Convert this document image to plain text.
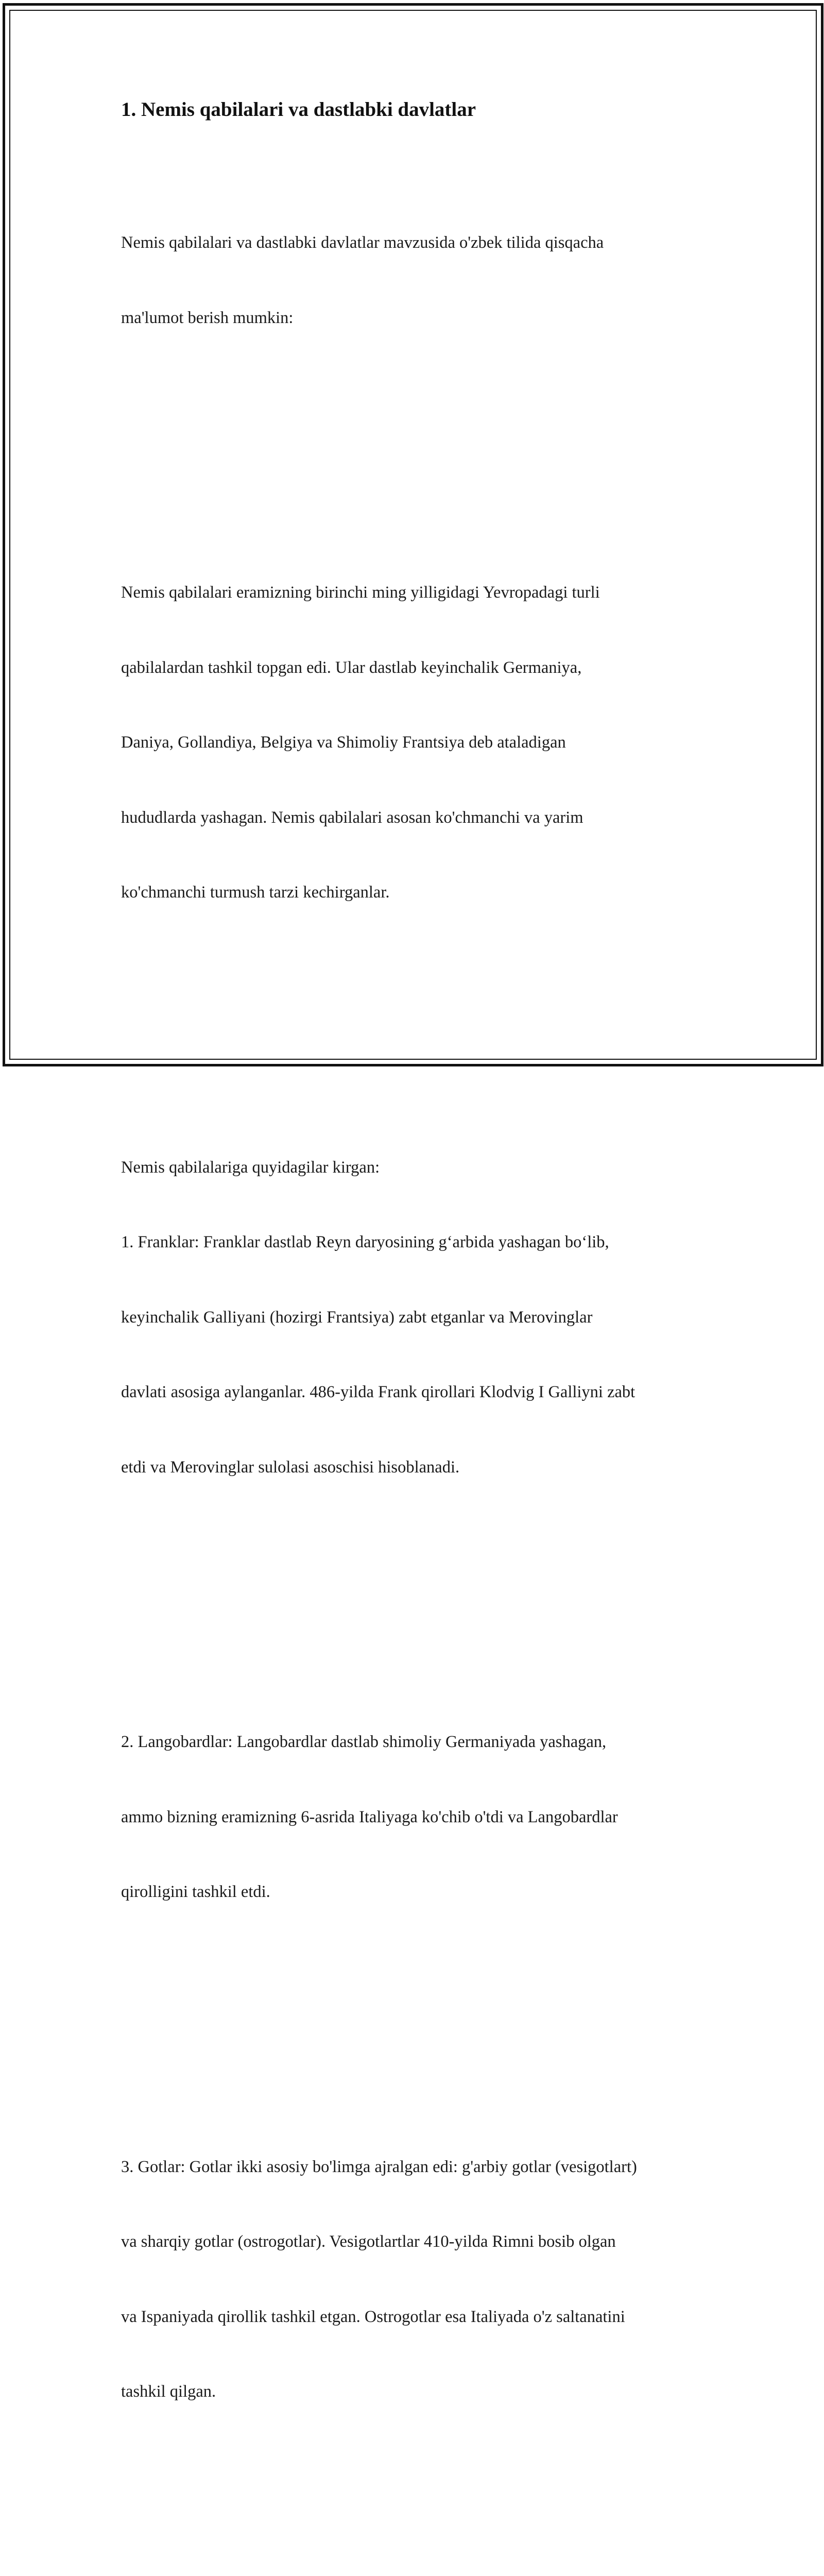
1. Nemis qabilalari va dastlabki davlatlar

Nemis qabilalari va dastlabki davlatlar mavzusida o'zbek tilida qisqacha

ma'lumot berish mumkin:

Nemis qabilalari eramizning birinchi ming yilligidagi Yevropadagi turli

qabilalardan tashkil topgan edi. Ular dastlab keyinchalik Germaniya,

Daniya, Gollandiya, Belgiya va Shimoliy Frantsiya deb ataladigan

hududlarda yashagan. Nemis qabilalari asosan ko'chmanchi va yarim

ko'chmanchi turmush tarzi kechirganlar.

Nemis qabilalariga quyidagilar kirgan:

1. Franklar: Franklar dastlab Reyn daryosining g‘arbida yashagan bo‘lib,

keyinchalik Galliyani (hozirgi Frantsiya) zabt etganlar va Merovinglar

davlati asosiga aylanganlar. 486-yilda Frank qirollari Klodvig I Galliyni zabt

etdi va Merovinglar sulolasi asoschisi hisoblanadi.

2. Langobardlar: Langobardlar dastlab shimoliy Germaniyada yashagan,

ammo bizning eramizning 6-asrida Italiyaga ko'chib o'tdi va Langobardlar

qirolligini tashkil etdi.

3. Gotlar: Gotlar ikki asosiy bo'limga ajralgan edi: g'arbiy gotlar (vesigotlart)

va sharqiy gotlar (ostrogotlar). Vesigotlartlar 410-yilda Rimni bosib olgan

va Ispaniyada qirollik tashkil etgan. Ostrogotlar esa Italiyada o'z saltanatini

tashkil qilgan.
